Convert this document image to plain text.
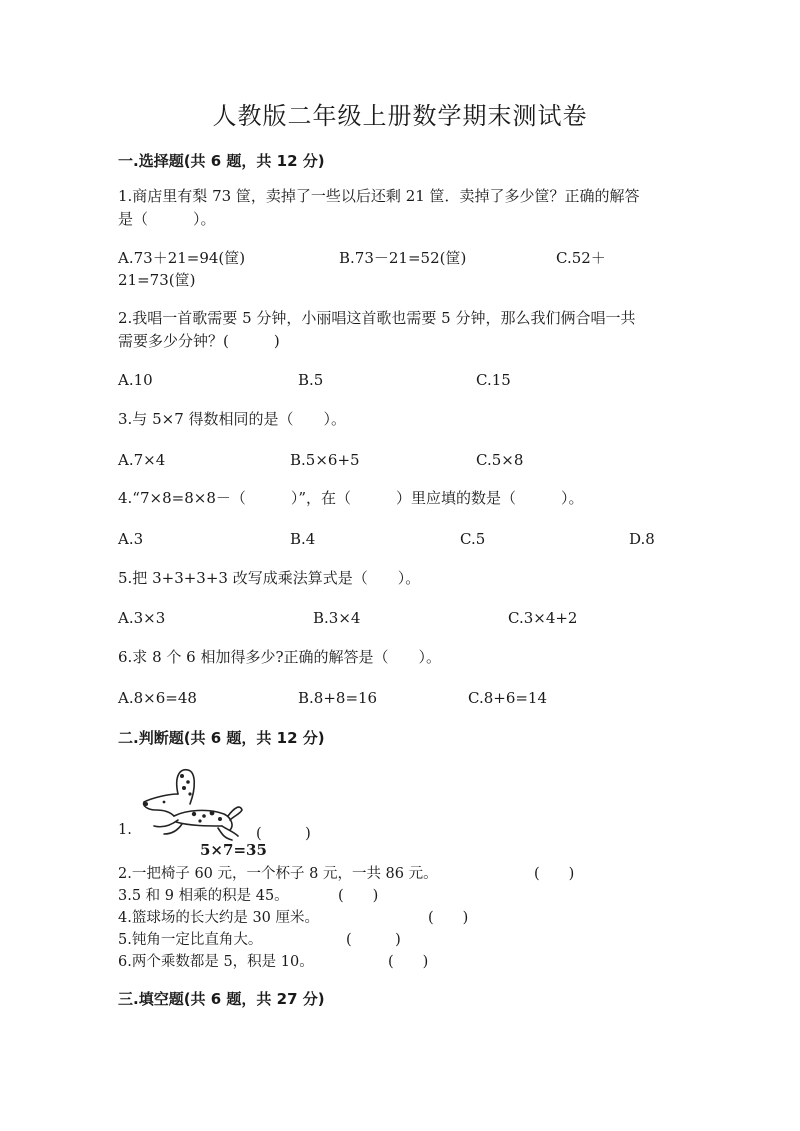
人教版二年级上册数学期末测试卷
一.选择题(共 6 题，共 12 分)
1.商店里有梨 73 筐，卖掉了一些以后还剩 21 筐．卖掉了多少筐？正确的解答
是（　　　）。
A.73＋21=94(筐)	B.73－21=52(筐)	C.52＋
21=73(筐)
2.我唱一首歌需要 5 分钟，小丽唱这首歌也需要 5 分钟，那么我们俩合唱一共
需要多少分钟？(　　　)
A.10	B.5	C.15
3.与 5×7 得数相同的是（　　）。
A.7×4	B.5×6+5	C.5×8
4.“7×8=8×8－（　　　）”，在（　　　）里应填的数是（　　　）。
A.3	B.4	C.5	D.8
5.把 3+3+3+3 改写成乘法算式是（　　）。
A.3×3	B.3×4	C.3×4+2
6.求 8 个 6 相加得多少?正确的解答是（　　）。
A.8×6=48	B.8+8=16	C.8+6=14
二.判断题(共 6 题，共 12 分)
5×7=35
1.	(　　　)
2.一把椅子 60 元，一个杯子 8 元，一共 86 元。	(　　)
3.5 和 9 相乘的积是 45。	(　　)
4.篮球场的长大约是 30 厘米。	(　　)
5.钝角一定比直角大。	(　　　)
6.两个乘数都是 5，积是 10。	(　　)
三.填空题(共 6 题，共 27 分)
